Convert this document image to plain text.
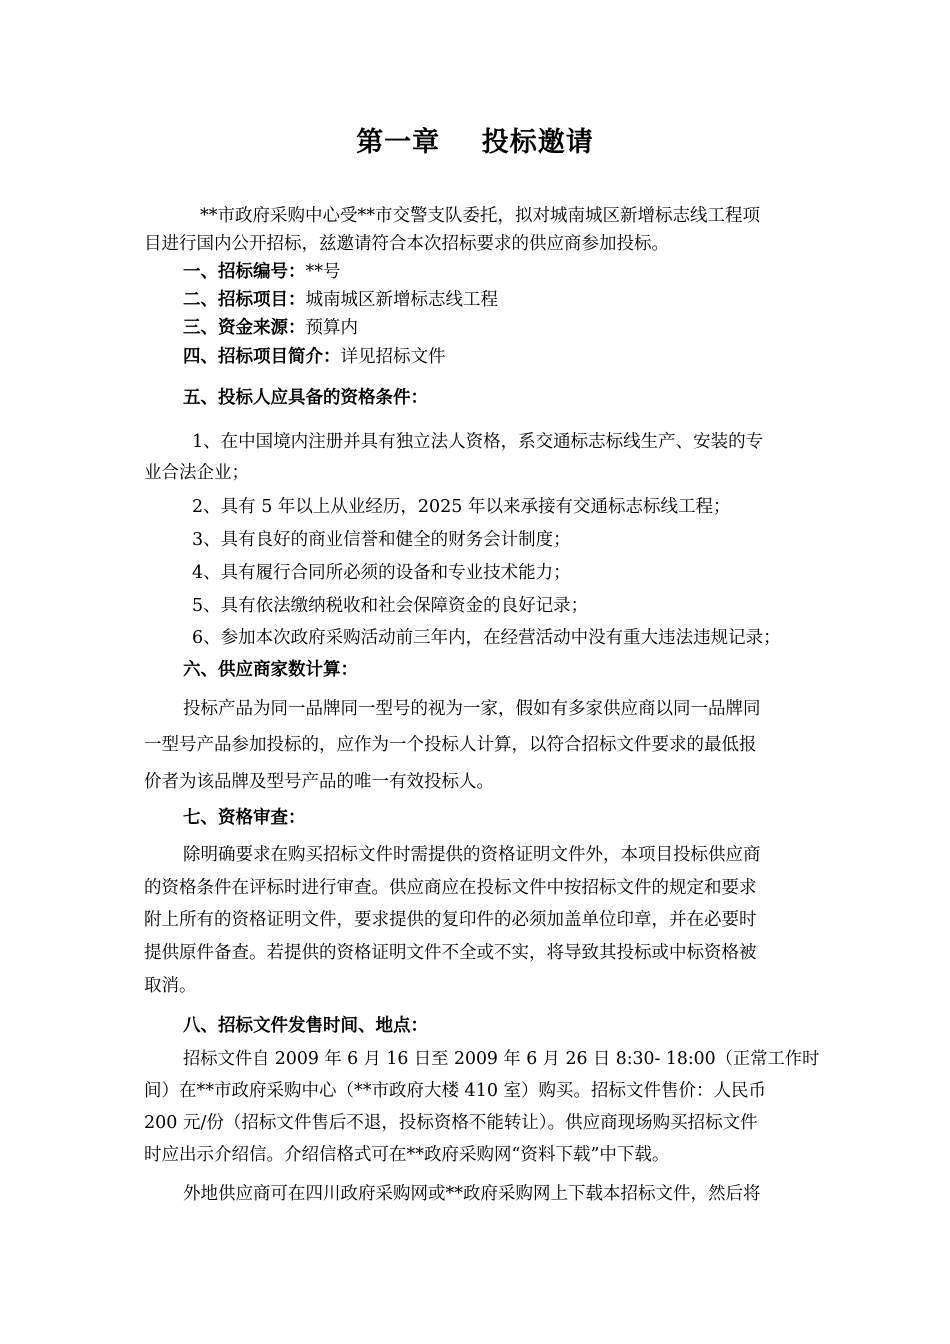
第一章    投标邀请
**市政府采购中心受**市交警支队委托，拟对城南城区新增标志线工程项
目进行国内公开招标，兹邀请符合本次招标要求的供应商参加投标。
一、招标编号：**号
二、招标项目：城南城区新增标志线工程
三、资金来源：预算内
四、招标项目简介：详见招标文件
五、投标人应具备的资格条件：
1、在中国境内注册并具有独立法人资格，系交通标志标线生产、安装的专
业合法企业；
2、具有 5 年以上从业经历，2025 年以来承接有交通标志标线工程；
3、具有良好的商业信誉和健全的财务会计制度；
4、具有履行合同所必须的设备和专业技术能力；
5、具有依法缴纳税收和社会保障资金的良好记录；
6、参加本次政府采购活动前三年内，在经营活动中没有重大违法违规记录；
六、供应商家数计算：
投标产品为同一品牌同一型号的视为一家，假如有多家供应商以同一品牌同
一型号产品参加投标的，应作为一个投标人计算，以符合招标文件要求的最低报
价者为该品牌及型号产品的唯一有效投标人。
七、资格审查：
除明确要求在购买招标文件时需提供的资格证明文件外，本项目投标供应商
的资格条件在评标时进行审查。供应商应在投标文件中按招标文件的规定和要求
附上所有的资格证明文件，要求提供的复印件的必须加盖单位印章，并在必要时
提供原件备查。若提供的资格证明文件不全或不实，将导致其投标或中标资格被
取消。
八、招标文件发售时间、地点：
招标文件自 2009 年 6 月 16 日至 2009 年 6 月 26 日 8:30- 18:00（正常工作时
间）在**市政府采购中心（**市政府大楼 410 室）购买。招标文件售价：人民币
200 元/份（招标文件售后不退，投标资格不能转让）。供应商现场购买招标文件
时应出示介绍信。介绍信格式可在**政府采购网“资料下载”中下载。
外地供应商可在四川政府采购网或**政府采购网上下载本招标文件，然后将
